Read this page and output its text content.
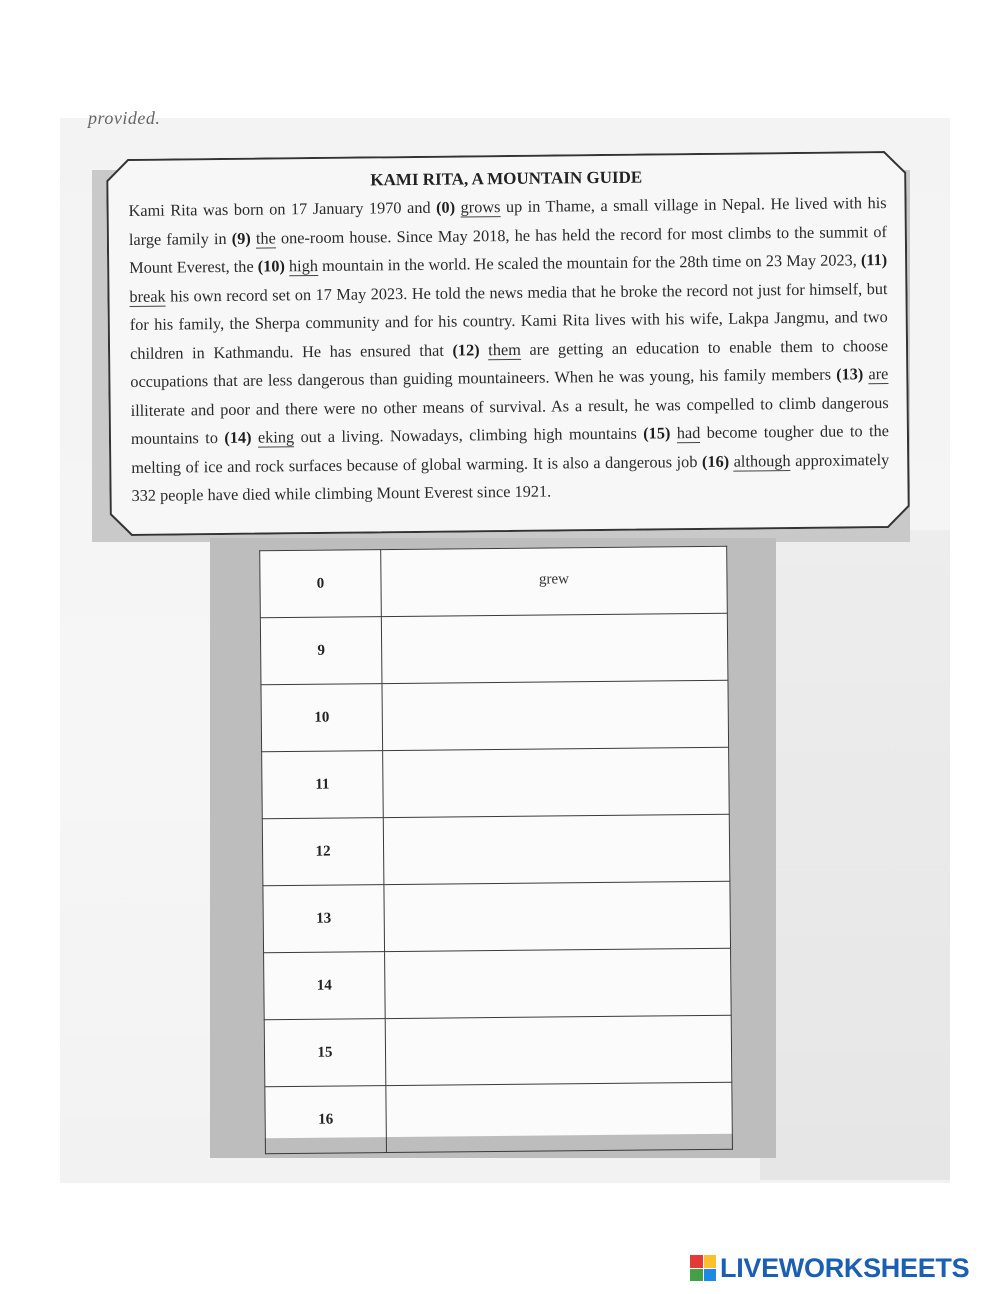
provided.
KAMI RITA, A MOUNTAIN GUIDE
Kami Rita was born on 17 January 1970 and (0) grows up in Thame, a small village in Nepal. He lived with his large family in (9) the one-room house. Since May 2018, he has held the record for most climbs to the summit of Mount Everest, the (10) high mountain in the world. He scaled the mountain for the 28th time on 23 May 2023, (11) break his own record set on 17 May 2023. He told the news media that he broke the record not just for himself, but for his family, the Sherpa community and for his country. Kami Rita lives with his wife, Lakpa Jangmu, and two children in Kathmandu. He has ensured that (12) them are getting an education to enable them to choose occupations that are less dangerous than guiding mountaineers. When he was young, his family members (13) are illiterate and poor and there were no other means of survival. As a result, he was compelled to climb dangerous mountains to (14) eking out a living. Nowadays, climbing high mountains (15) had become tougher due to the melting of ice and rock surfaces because of global warming. It is also a dangerous job (16) although approximately 332 people have died while climbing Mount Everest since 1921.
0	grew
9	
10	
11	
12	
13	
14	
15	
16	
LIVEWORKSHEETS
